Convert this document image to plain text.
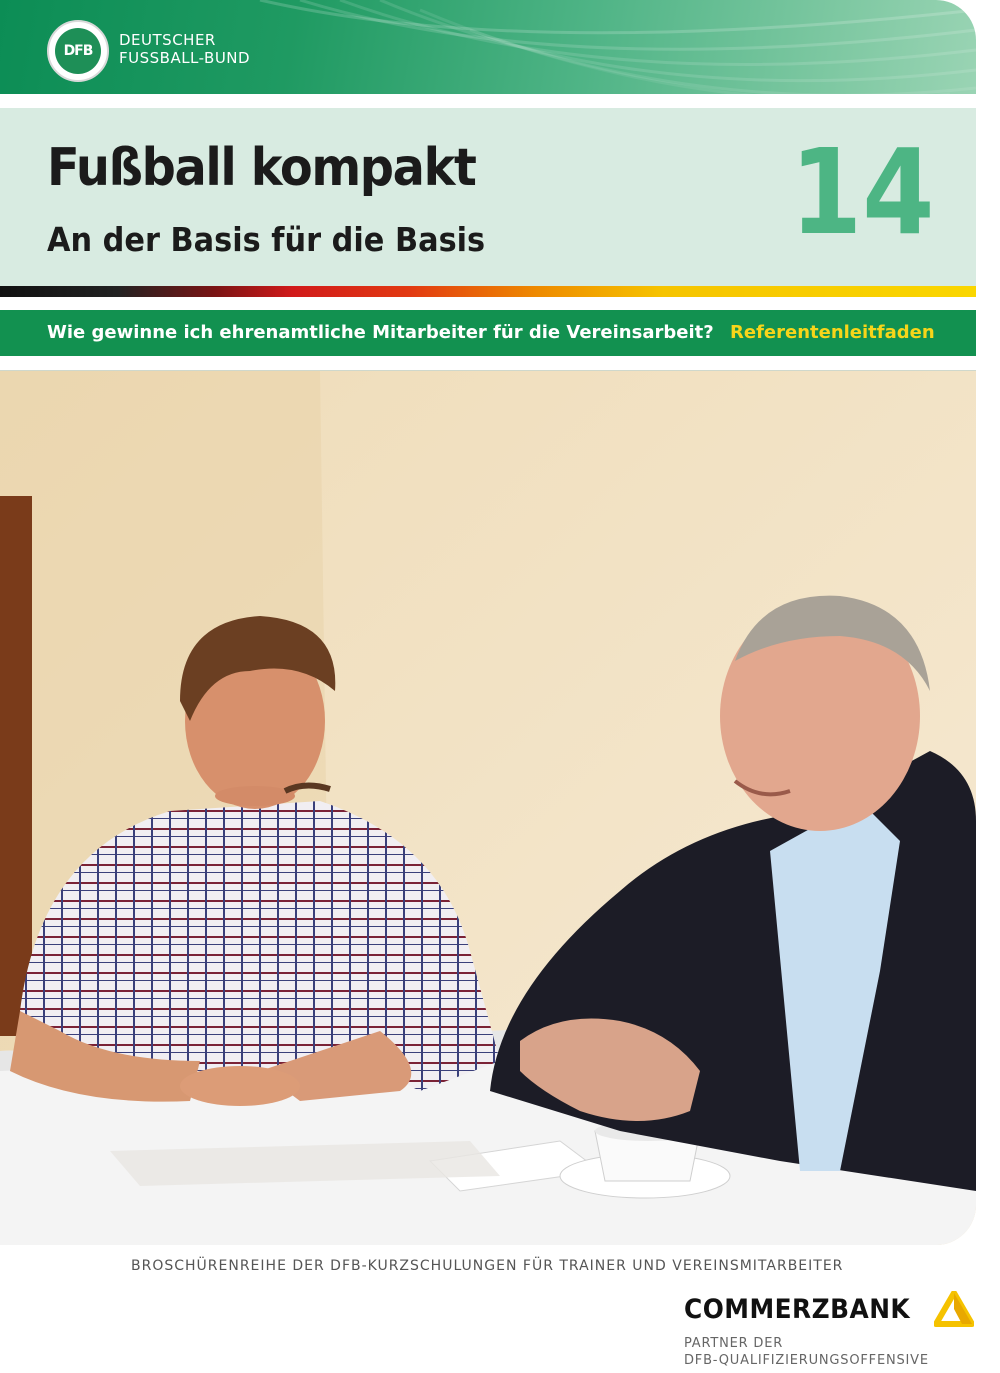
DFB
DEUTSCHER
FUSSBALL-BUND
Fußball kompakt
An der Basis für die Basis	14
Wie gewinne ich ehrenamtliche Mitarbeiter für die Vereinsarbeit? Referentenleitfaden
BROSCHÜRENREIHE DER DFB-KURZSCHULUNGEN FÜR TRAINER UND VEREINSMITARBEITER
COMMERZBANK
PARTNER DER
DFB-QUALIFIZIERUNGSOFFENSIVE
